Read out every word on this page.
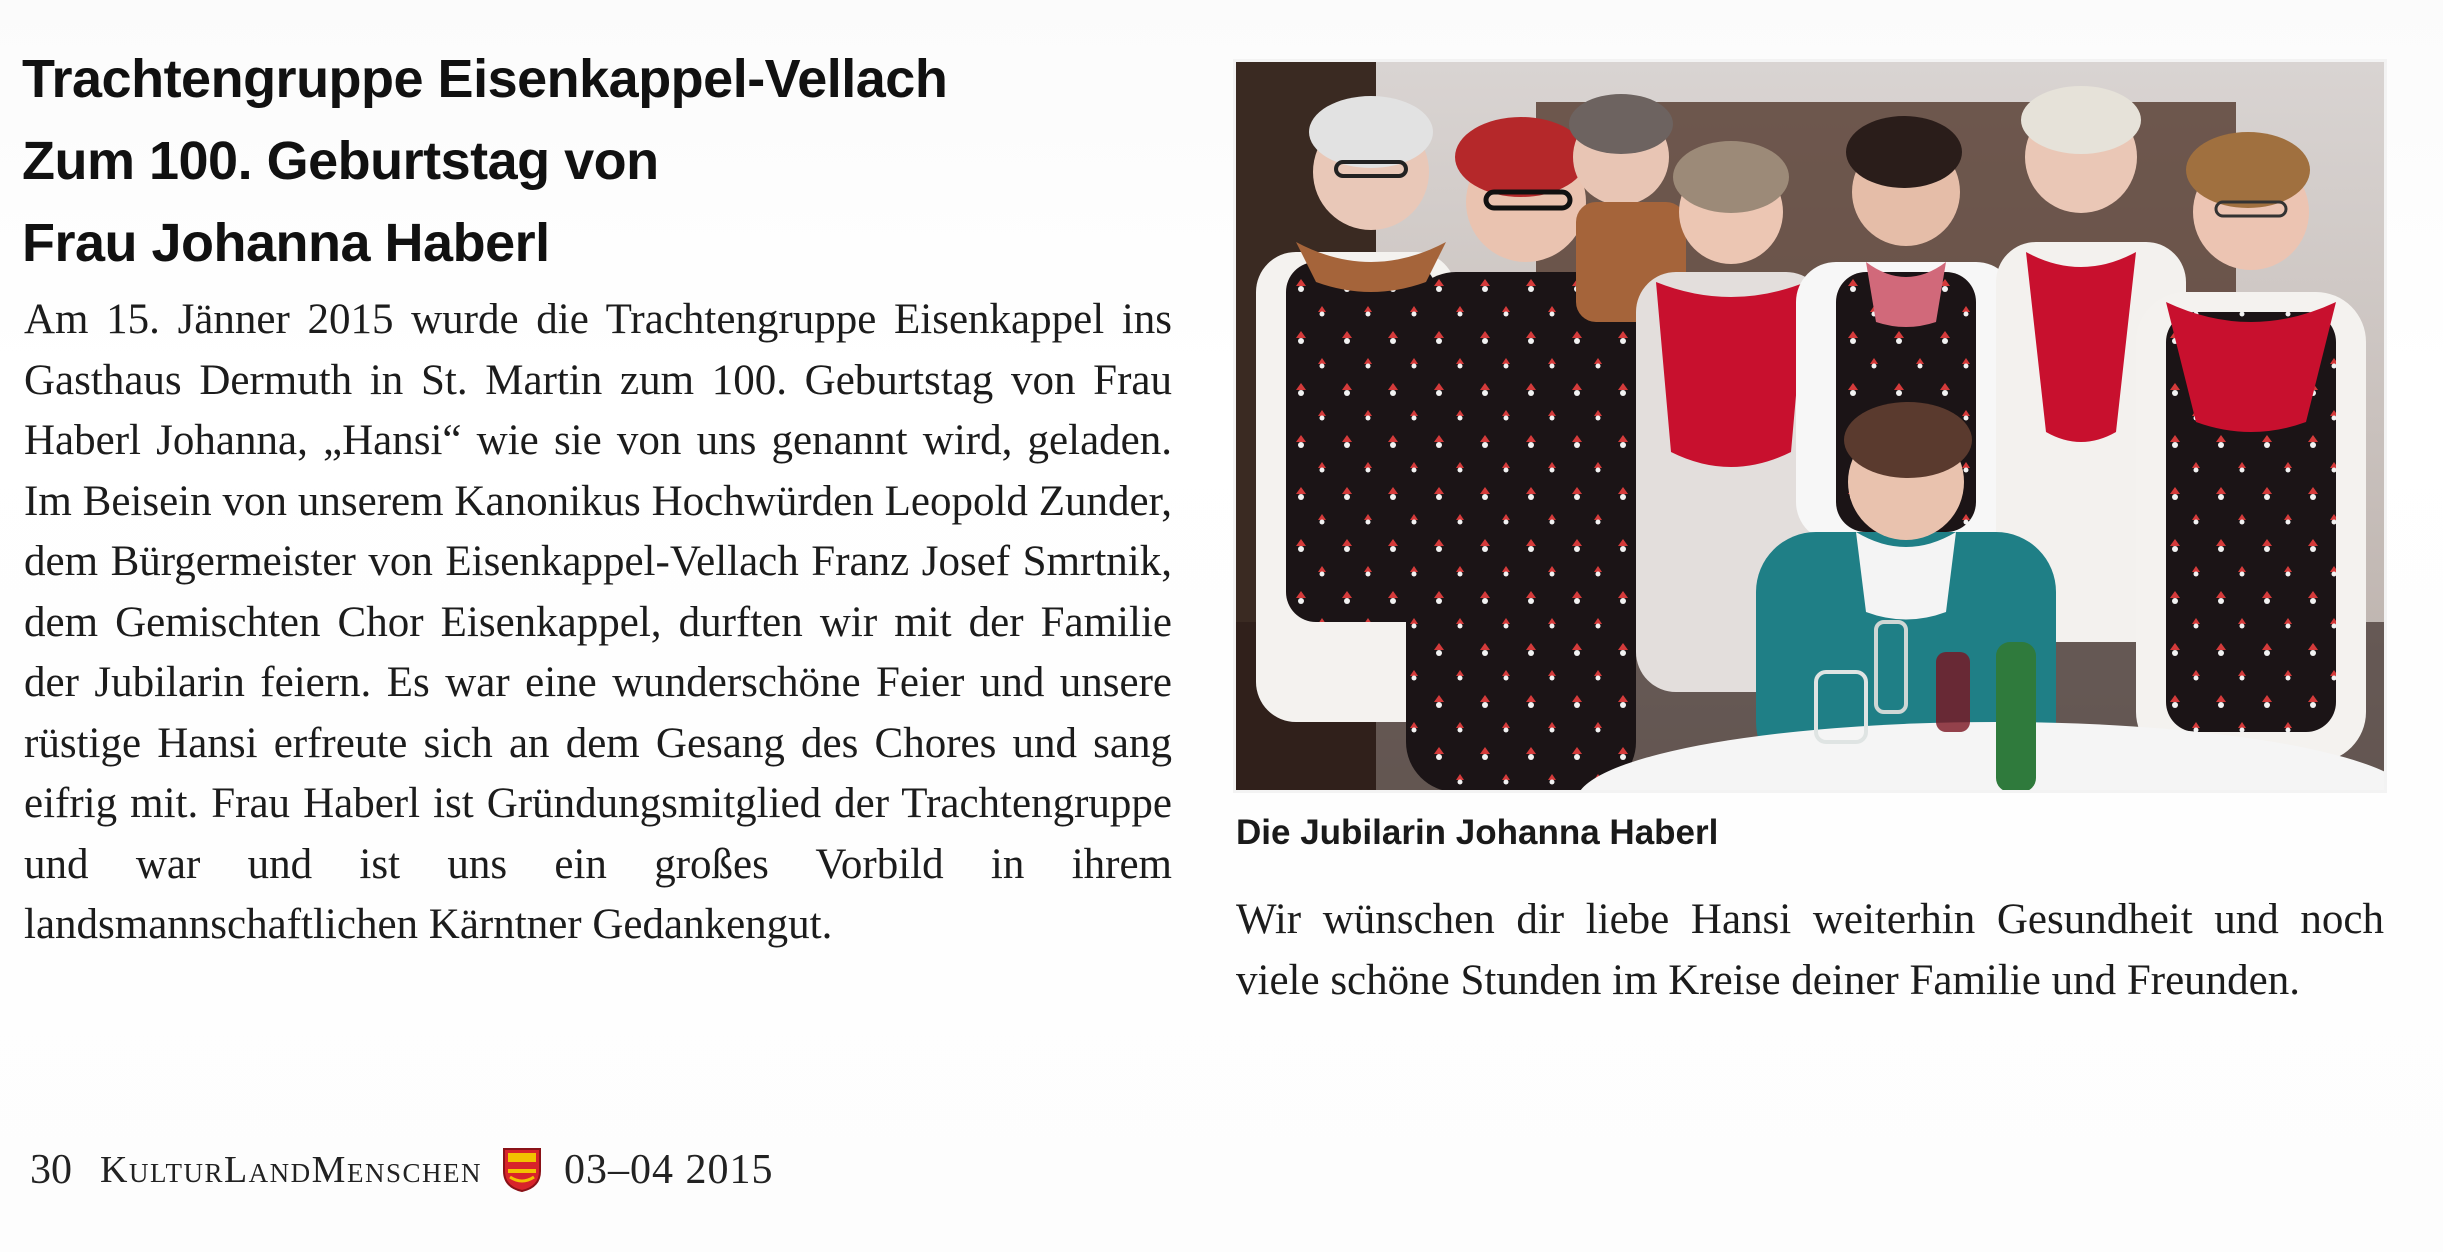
Trachtengruppe Eisenkappel-Vellach
Zum 100. Geburtstag von
Frau Johanna Haberl

Am 15. Jänner 2015 wurde die Trachtengruppe Eisenkappel ins Gasthaus Dermuth in St. Martin zum 100. Geburtstag von Frau Haberl Johanna, „Hansi“ wie sie von uns genannt wird, geladen. Im Beisein von unserem Kanonikus Hochwürden Leopold Zunder, dem Bürgermeister von Eisenkappel-Vellach Franz Josef Smrtnik, dem Gemischten Chor Eisenkappel, durften wir mit der Familie der Jubilarin feiern. Es war eine wunderschöne Feier und unsere rüstige Hansi erfreute sich an dem Gesang des Chores und sang eifrig mit. Frau Haberl ist Gründungsmitglied der Trachtengruppe und war und ist uns ein großes Vorbild in ihrem landsmannschaftlichen Kärntner Gedankengut.

Die Jubilarin Johanna Haberl

Wir wünschen dir liebe Hansi weiterhin Gesundheit und noch viele schöne Stunden im Kreise deiner Familie und Freunden.

30 KulturLandMenschen 03–04 2015
